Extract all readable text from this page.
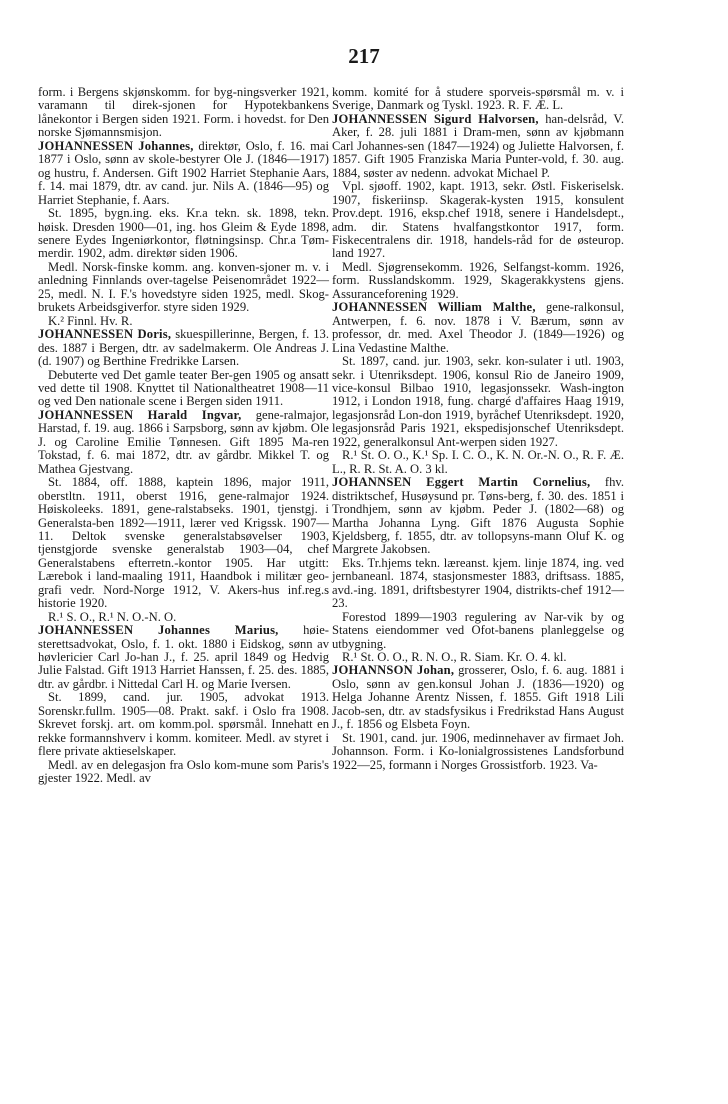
217

form. i Bergens skjønskomm. for byg-ningsverker 1921, varamann til direk-sjonen for Hypotekbankens lånekontor i Bergen siden 1921. Form. i hovedst. for Den norske Sjømannsmisjon.

JOHANNESSEN Johannes, direktør, Oslo, f. 16. mai 1877 i Oslo, sønn av skole-bestyrer Ole J. (1846—1917) og hustru, f. Andersen. Gift 1902 Harriet Stephanie Aars, f. 14. mai 1879, dtr. av cand. jur. Nils A. (1846—95) og Harriet Stephanie, f. Aars.

St. 1895, bygn.ing. eks. Kr.a tekn. sk. 1898, tekn. høisk. Dresden 1900—01, ing. hos Gleim & Eyde 1898, senere Eydes Ingeniørkontor, fløtningsinsp. Chr.a Tøm-merdir. 1902, adm. direktør siden 1906.

Medl. Norsk-finske komm. ang. konven-sjoner m. v. i anledning Finnlands over-tagelse Peisenområdet 1922—25, medl. N. I. F.'s hovedstyre siden 1925, medl. Skog-brukets Arbeidsgiverfor. styre siden 1929.

K.² Finnl. Hv. R.

JOHANNESSEN Doris, skuespillerinne, Bergen, f. 13. des. 1887 i Bergen, dtr. av sadelmakerm. Ole Andreas J. (d. 1907) og Berthine Fredrikke Larsen.

Debuterte ved Det gamle teater Ber-gen 1905 og ansatt ved dette til 1908. Knyttet til Nationaltheatret 1908—11 og ved Den nationale scene i Bergen siden 1911.

JOHANNESSEN Harald Ingvar, gene-ralmajor, Harstad, f. 19. aug. 1866 i Sarpsborg, sønn av kjøbm. Ole J. og Caroline Emilie Tønnesen. Gift 1895 Ma-ren Tokstad, f. 6. mai 1872, dtr. av gårdbr. Mikkel T. og Mathea Gjestvang.

St. 1884, off. 1888, kaptein 1896, major 1911, oberstltn. 1911, oberst 1916, gene-ralmajor 1924. Høiskoleeks. 1891, gene-ralstabseks. 1901, tjenstgj. i Generalsta-ben 1892—1911, lærer ved Krigssk. 1907—11. Deltok svenske generalstabsøvelser 1903, tjenstgjorde svenske generalstab 1903—04, chef Generalstabens efterretn.-kontor 1905. Har utgitt: Lærebok i land-maaling 1911, Haandbok i militær geo-grafi vedr. Nord-Norge 1912, V. Akers-hus inf.reg.s historie 1920.

R.¹ S. O., R.¹ N. O.-N. O.

JOHANNESSEN Johannes Marius, høie-sterettsadvokat, Oslo, f. 1. okt. 1880 i Eidskog, sønn av høvlericier Carl Jo-han J., f. 25. april 1849 og Hedvig Julie Falstad. Gift 1913 Harriet Hanssen, f. 25. des. 1885, dtr. av gårdbr. i Nittedal Carl H. og Marie Iversen.

St. 1899, cand. jur. 1905, advokat 1913. Sorenskr.fullm. 1905—08. Prakt. sakf. i Oslo fra 1908. Skrevet forskj. art. om komm.pol. spørsmål. Innehatt en rekke formannshverv i komm. komiteer. Medl. av styret i flere private aktieselskaper.

Medl. av en delegasjon fra Oslo kom-mune som Paris's gjester 1922. Medl. av

komm. komité for å studere sporveis-spørsmål m. v. i Sverige, Danmark og Tyskl. 1923. R. F. Æ. L.

JOHANNESSEN Sigurd Halvorsen, han-delsråd, V. Aker, f. 28. juli 1881 i Dram-men, sønn av kjøbmann Carl Johannes-sen (1847—1924) og Juliette Halvorsen, f. 1857. Gift 1905 Franziska Maria Punter-vold, f. 30. aug. 1884, søster av nedenn. advokat Michael P.

Vpl. sjøoff. 1902, kapt. 1913, sekr. Østl. Fiskeriselsk. 1907, fiskeriinsp. Skagerak-kysten 1915, konsulent Prov.dept. 1916, eksp.chef 1918, senere i Handelsdept., adm. dir. Statens hvalfangstkontor 1917, form. Fiskecentralens dir. 1918, handels-råd for de østeurop. land 1927.

Medl. Sjøgrensekomm. 1926, Selfangst-komm. 1926, form. Russlandskomm. 1929, Skagerakkystens gjens. Assuranceforening 1929.

JOHANNESSEN William Malthe, gene-ralkonsul, Antwerpen, f. 6. nov. 1878 i V. Bærum, sønn av professor, dr. med. Axel Theodor J. (1849—1926) og Lina Vedastine Malthe.

St. 1897, cand. jur. 1903, sekr. kon-sulater i utl. 1903, sekr. i Utenriksdept. 1906, konsul Rio de Janeiro 1909, vice-konsul Bilbao 1910, legasjonssekr. Wash-ington 1912, i London 1918, fung. chargé d'affaires Haag 1919, legasjonsråd Lon-don 1919, byråchef Utenriksdept. 1920, legasjonsråd Paris 1921, ekspedisjonschef Utenriksdept. 1922, generalkonsul Ant-werpen siden 1927.

R.¹ St. O. O., K.¹ Sp. I. C. O., K. N. Or.-N. O., R. F. Æ. L., R. R. St. A. O. 3 kl.

JOHANNSEN Eggert Martin Cornelius, fhv. distriktschef, Husøysund pr. Tøns-berg, f. 30. des. 1851 i Trondhjem, sønn av kjøbm. Peder J. (1802—68) og Martha Johanna Lyng. Gift 1876 Augusta Sophie Kjeldsberg, f. 1855, dtr. av tollopsyns-mann Oluf K. og Margrete Jakobsen.

Eks. Tr.hjems tekn. læreanst. kjem. linje 1874, ing. ved jernbaneanl. 1874, stasjonsmester 1883, driftsass. 1885, avd.-ing. 1891, driftsbestyrer 1904, distrikts-chef 1912—23.

Forestod 1899—1903 regulering av Nar-vik by og Statens eiendommer ved Ofot-banens planleggelse og utbygning.

R.¹ St. O. O., R. N. O., R. Siam. Kr. O. 4. kl.

JOHANNSON Johan, grosserer, Oslo, f. 6. aug. 1881 i Oslo, sønn av gen.konsul Johan J. (1836—1920) og Helga Johanne Arentz Nissen, f. 1855. Gift 1918 Lili Jacob-sen, dtr. av stadsfysikus i Fredrikstad Hans August J., f. 1856 og Elsbeta Foyn.

St. 1901, cand. jur. 1906, medinnehaver av firmaet Joh. Johannson. Form. i Ko-lonialgrossistenes Landsforbund 1922—25, formann i Norges Grossistforb. 1923. Va-
